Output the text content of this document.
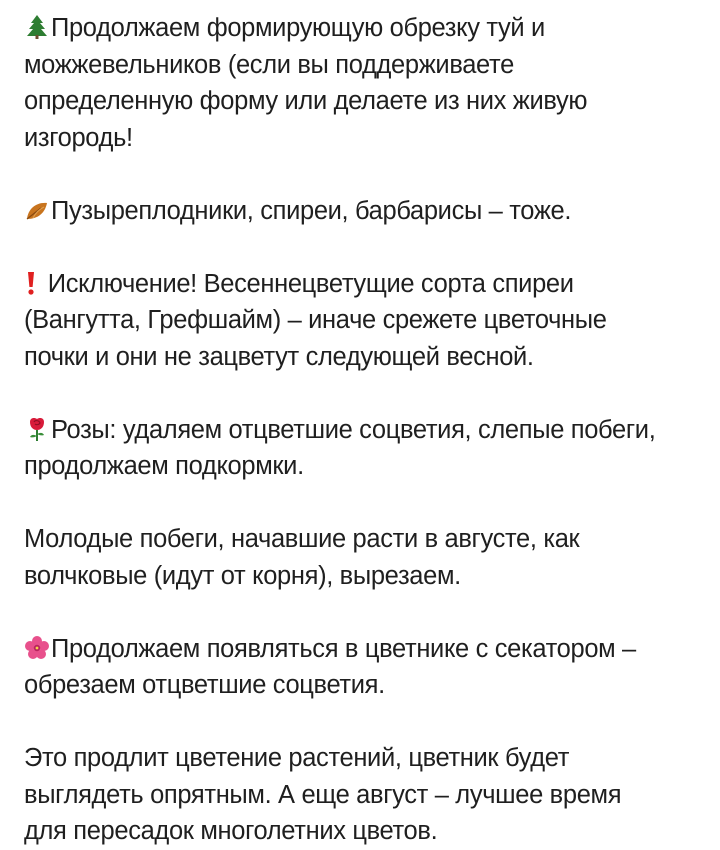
Продолжаем формирующую обрезку туй и
можжевельников (если вы поддерживаете
определенную форму или делаете из них живую
изгородь!

Пузыреплодники, спиреи, барбарисы – тоже.

Исключение! Весеннецветущие сорта спиреи
(Вангутта, Грефшайм) – иначе срежете цветочные
почки и они не зацветут следующей весной.

Розы: удаляем отцветшие соцветия, слепые побеги,
продолжаем подкормки.

Молодые побеги, начавшие расти в августе, как
волчковые (идут от корня), вырезаем.

Продолжаем появляться в цветнике с секатором –
обрезаем отцветшие соцветия.

Это продлит цветение растений, цветник будет
выглядеть опрятным. А еще август – лучшее время
для пересадок многолетних цветов.
